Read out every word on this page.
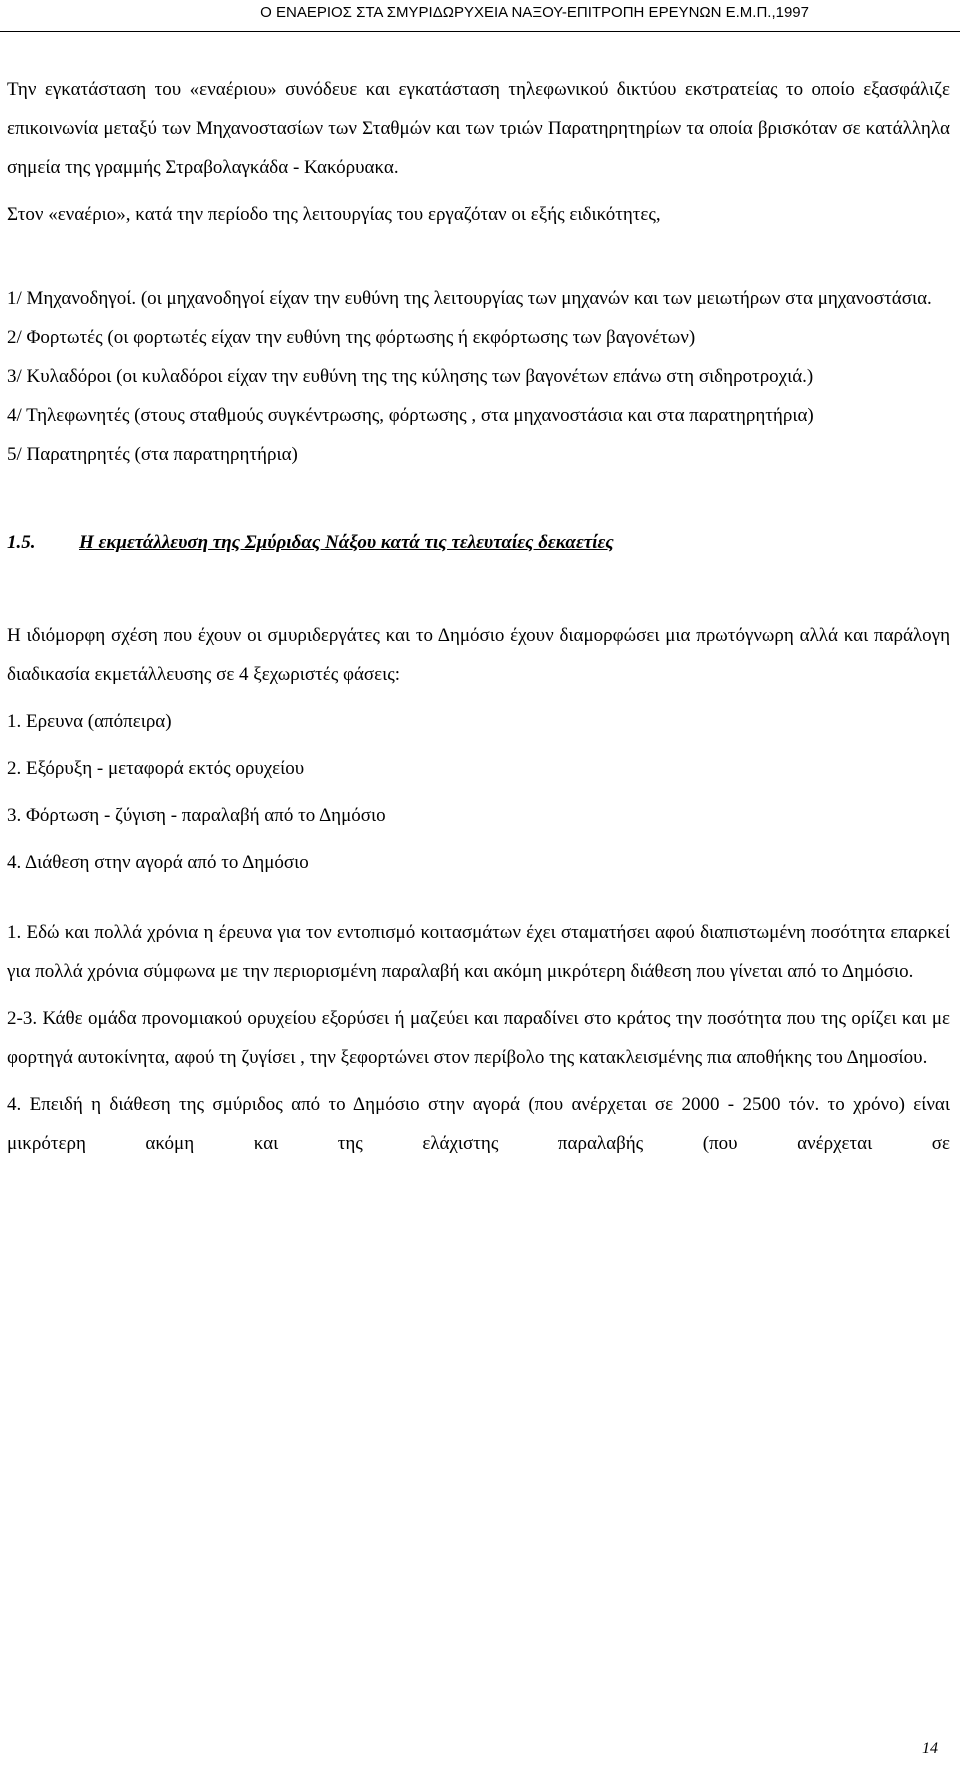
Ο ΕΝΑΕΡΙΟΣ ΣΤΑ ΣΜΥΡΙΔΩΡΥΧΕΙΑ ΝΑΞΟΥ-ΕΠΙΤΡΟΠΗ ΕΡΕΥΝΩΝ Ε.Μ.Π.,1997

Την εγκατάσταση του «εναέριου» συνόδευε και εγκατάσταση τηλεφωνικού δικτύου εκστρατείας το οποίο εξασφάλιζε επικοινωνία μεταξύ των Μηχανοστασίων των Σταθμών και των τριών Παρατηρητηρίων τα οποία βρισκόταν σε κατάλληλα σημεία της γραμμής Στραβολαγκάδα - Κακόρυακα.

Στον «εναέριο», κατά την περίοδο της λειτουργίας του εργαζόταν οι εξής ειδικότητες,

1/ Μηχανοδηγοί. (οι μηχανοδηγοί είχαν την ευθύνη της λειτουργίας των μηχανών και των μειωτήρων στα μηχανοστάσια.

2/ Φορτωτές (οι φορτωτές είχαν την ευθύνη της φόρτωσης ή εκφόρτωσης των βαγονέτων)

3/ Κυλαδόροι (οι κυλαδόροι είχαν την ευθύνη της της κύλησης των βαγονέτων επάνω στη σιδηροτροχιά.)

4/ Τηλεφωνητές (στους σταθμούς συγκέντρωσης, φόρτωσης , στα μηχανοστάσια και στα παρατηρητήρια)

5/ Παρατηρητές (στα παρατηρητήρια)

1.5. Η εκμετάλλευση της Σμύριδας Νάξου κατά τις τελευταίες δεκαετίες

Η ιδιόμορφη σχέση που έχουν οι σμυριδεργάτες και το Δημόσιο έχουν διαμορφώσει μια πρωτόγνωρη αλλά και παράλογη διαδικασία εκμετάλλευσης σε 4 ξεχωριστές φάσεις:

1. Ερευνα (απόπειρα)

2. Εξόρυξη - μεταφορά εκτός ορυχείου

3. Φόρτωση - ζύγιση - παραλαβή από το Δημόσιο

4. Διάθεση στην αγορά από το Δημόσιο

1. Εδώ και πολλά χρόνια η έρευνα για τον εντοπισμό κοιτασμάτων έχει σταματήσει αφού διαπιστωμένη ποσότητα επαρκεί για πολλά χρόνια σύμφωνα με την περιορισμένη παραλαβή και ακόμη μικρότερη διάθεση που γίνεται από το Δημόσιο.

2-3. Κάθε ομάδα προνομιακού ορυχείου εξορύσει ή μαζεύει και παραδίνει στο κράτος την ποσότητα που της ορίζει και με φορτηγά αυτοκίνητα, αφού τη ζυγίσει , την ξεφορτώνει στον περίβολο της κατακλεισμένης πια αποθήκης του Δημοσίου.

4. Επειδή η διάθεση της σμύριδος από το Δημόσιο στην αγορά (που ανέρχεται σε 2000 - 2500 τόν. το χρόνο) είναι μικρότερη ακόμη και της ελάχιστης παραλαβής (που ανέρχεται σε

14
